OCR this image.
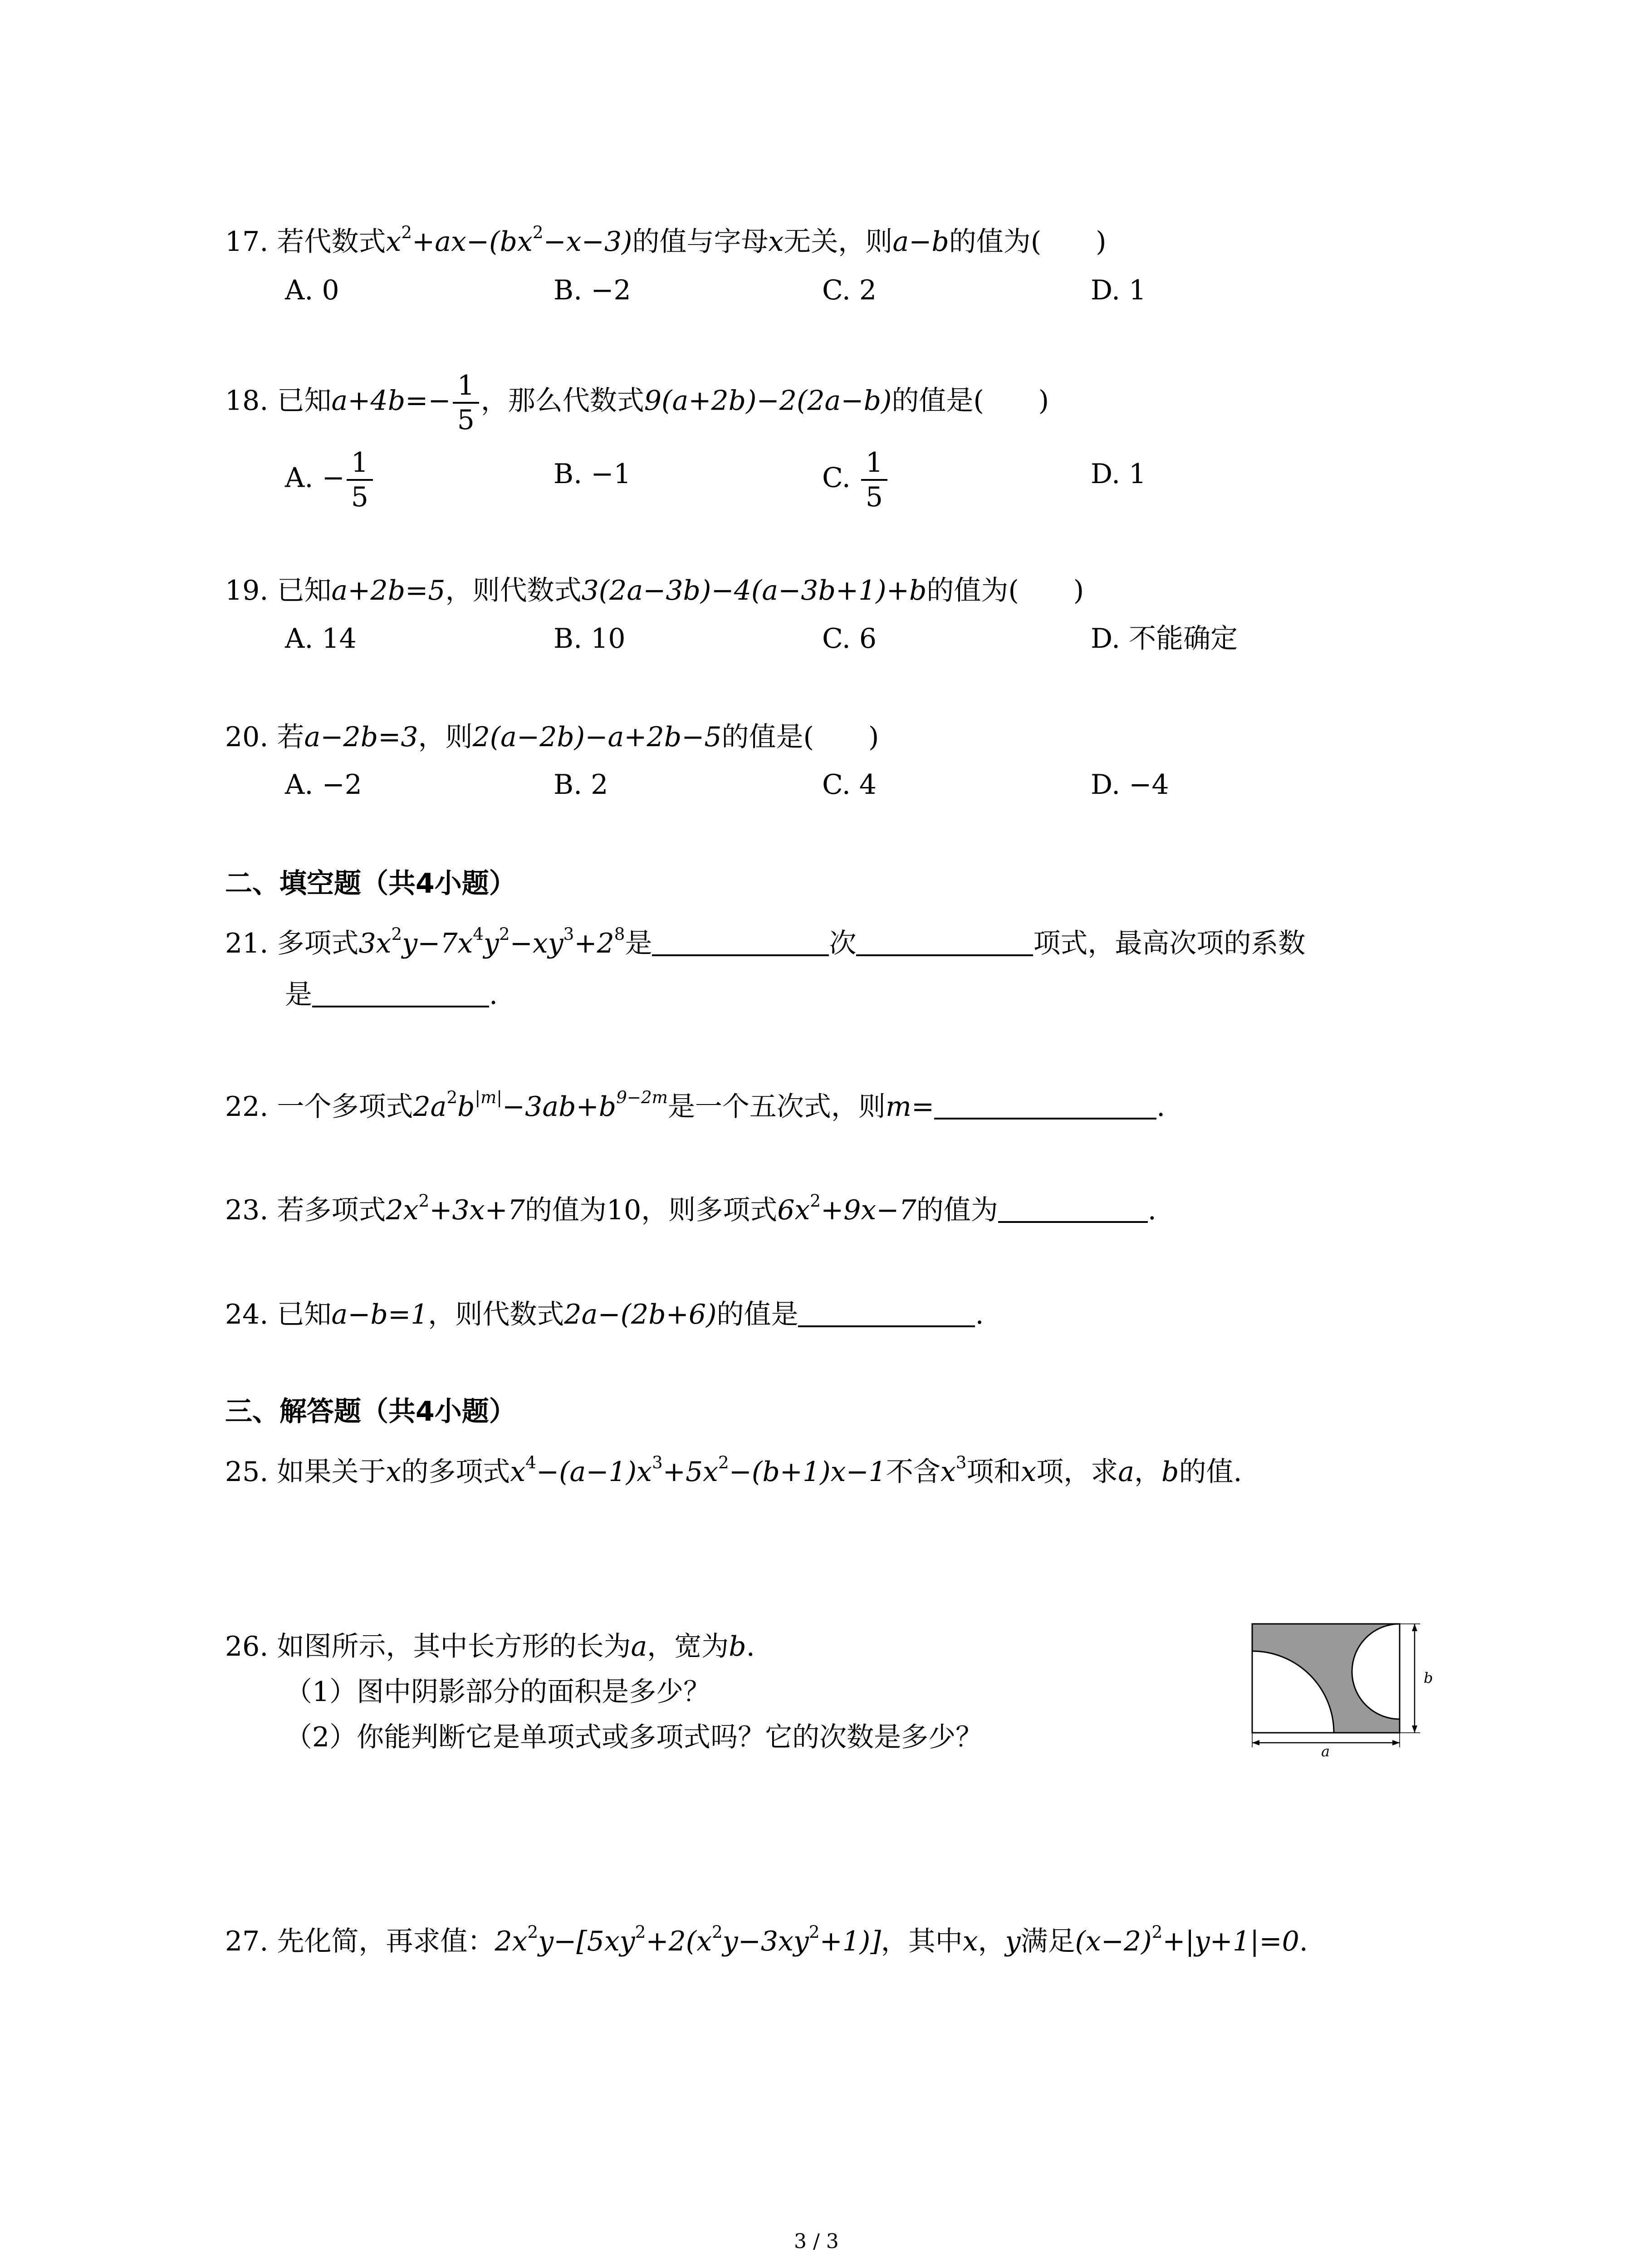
17. 若代数式$x^2+ax-(bx^2-x-3)$的值与字母x无关，则a−b的值为(　　)
A. 0	B. −2	C. 2	D. 1
18. 已知$a+4b=- \frac{1}{5}$ ，那么代数式9(a+2b)−2(2a−b)的值是(　　)
A. − $\frac{1}{5}$	B. −1	C. $\frac{1}{5}$	D. 1
19. 已知a+2b=5，则代数式3(2a−3b)−4(a−3b+1)+b的值为(　　)
A. 14	B. 10	C. 6	D. 不能确定
20. 若a−2b=3，则2(a−2b)−a+2b−5的值是(　　)
A. −2	B. 2	C. 4	D. −4
二、填空题（共4小题）
21. 多项式$3x^2y-7x^4y^2-xy^3+2^8$是	次	项式，最高次项的系数
是	.
22. 一个多项式$2a^2b^{|m|}-3ab+b^{9-2m}$是一个五次式，则m=	.
23. 若多项式$2x^2+3x+7$的值为10，则多项式$6x^2+9x-7$的值为	.
24. 已知a−b=1，则代数式2a−(2b+6)的值是	.
三、解答题（共4小题）
25. 如果关于x的多项式$x^4-(a-1)x^3+5x^2-(b+1)x-1$不含$x^3$项和x项，求a，b的值.
26. 如图所示，其中长方形的长为a，宽为b.
（1）图中阴影部分的面积是多少？
（2）你能判断它是单项式或多项式吗？它的次数是多少？
b
a
27. 先化简，再求值：$2x^2y-[5xy^2+2(x^2y-3xy^2+1)]$，其中x，y满足$(x-2)^2+|y+1|=0$.
3 / 3
